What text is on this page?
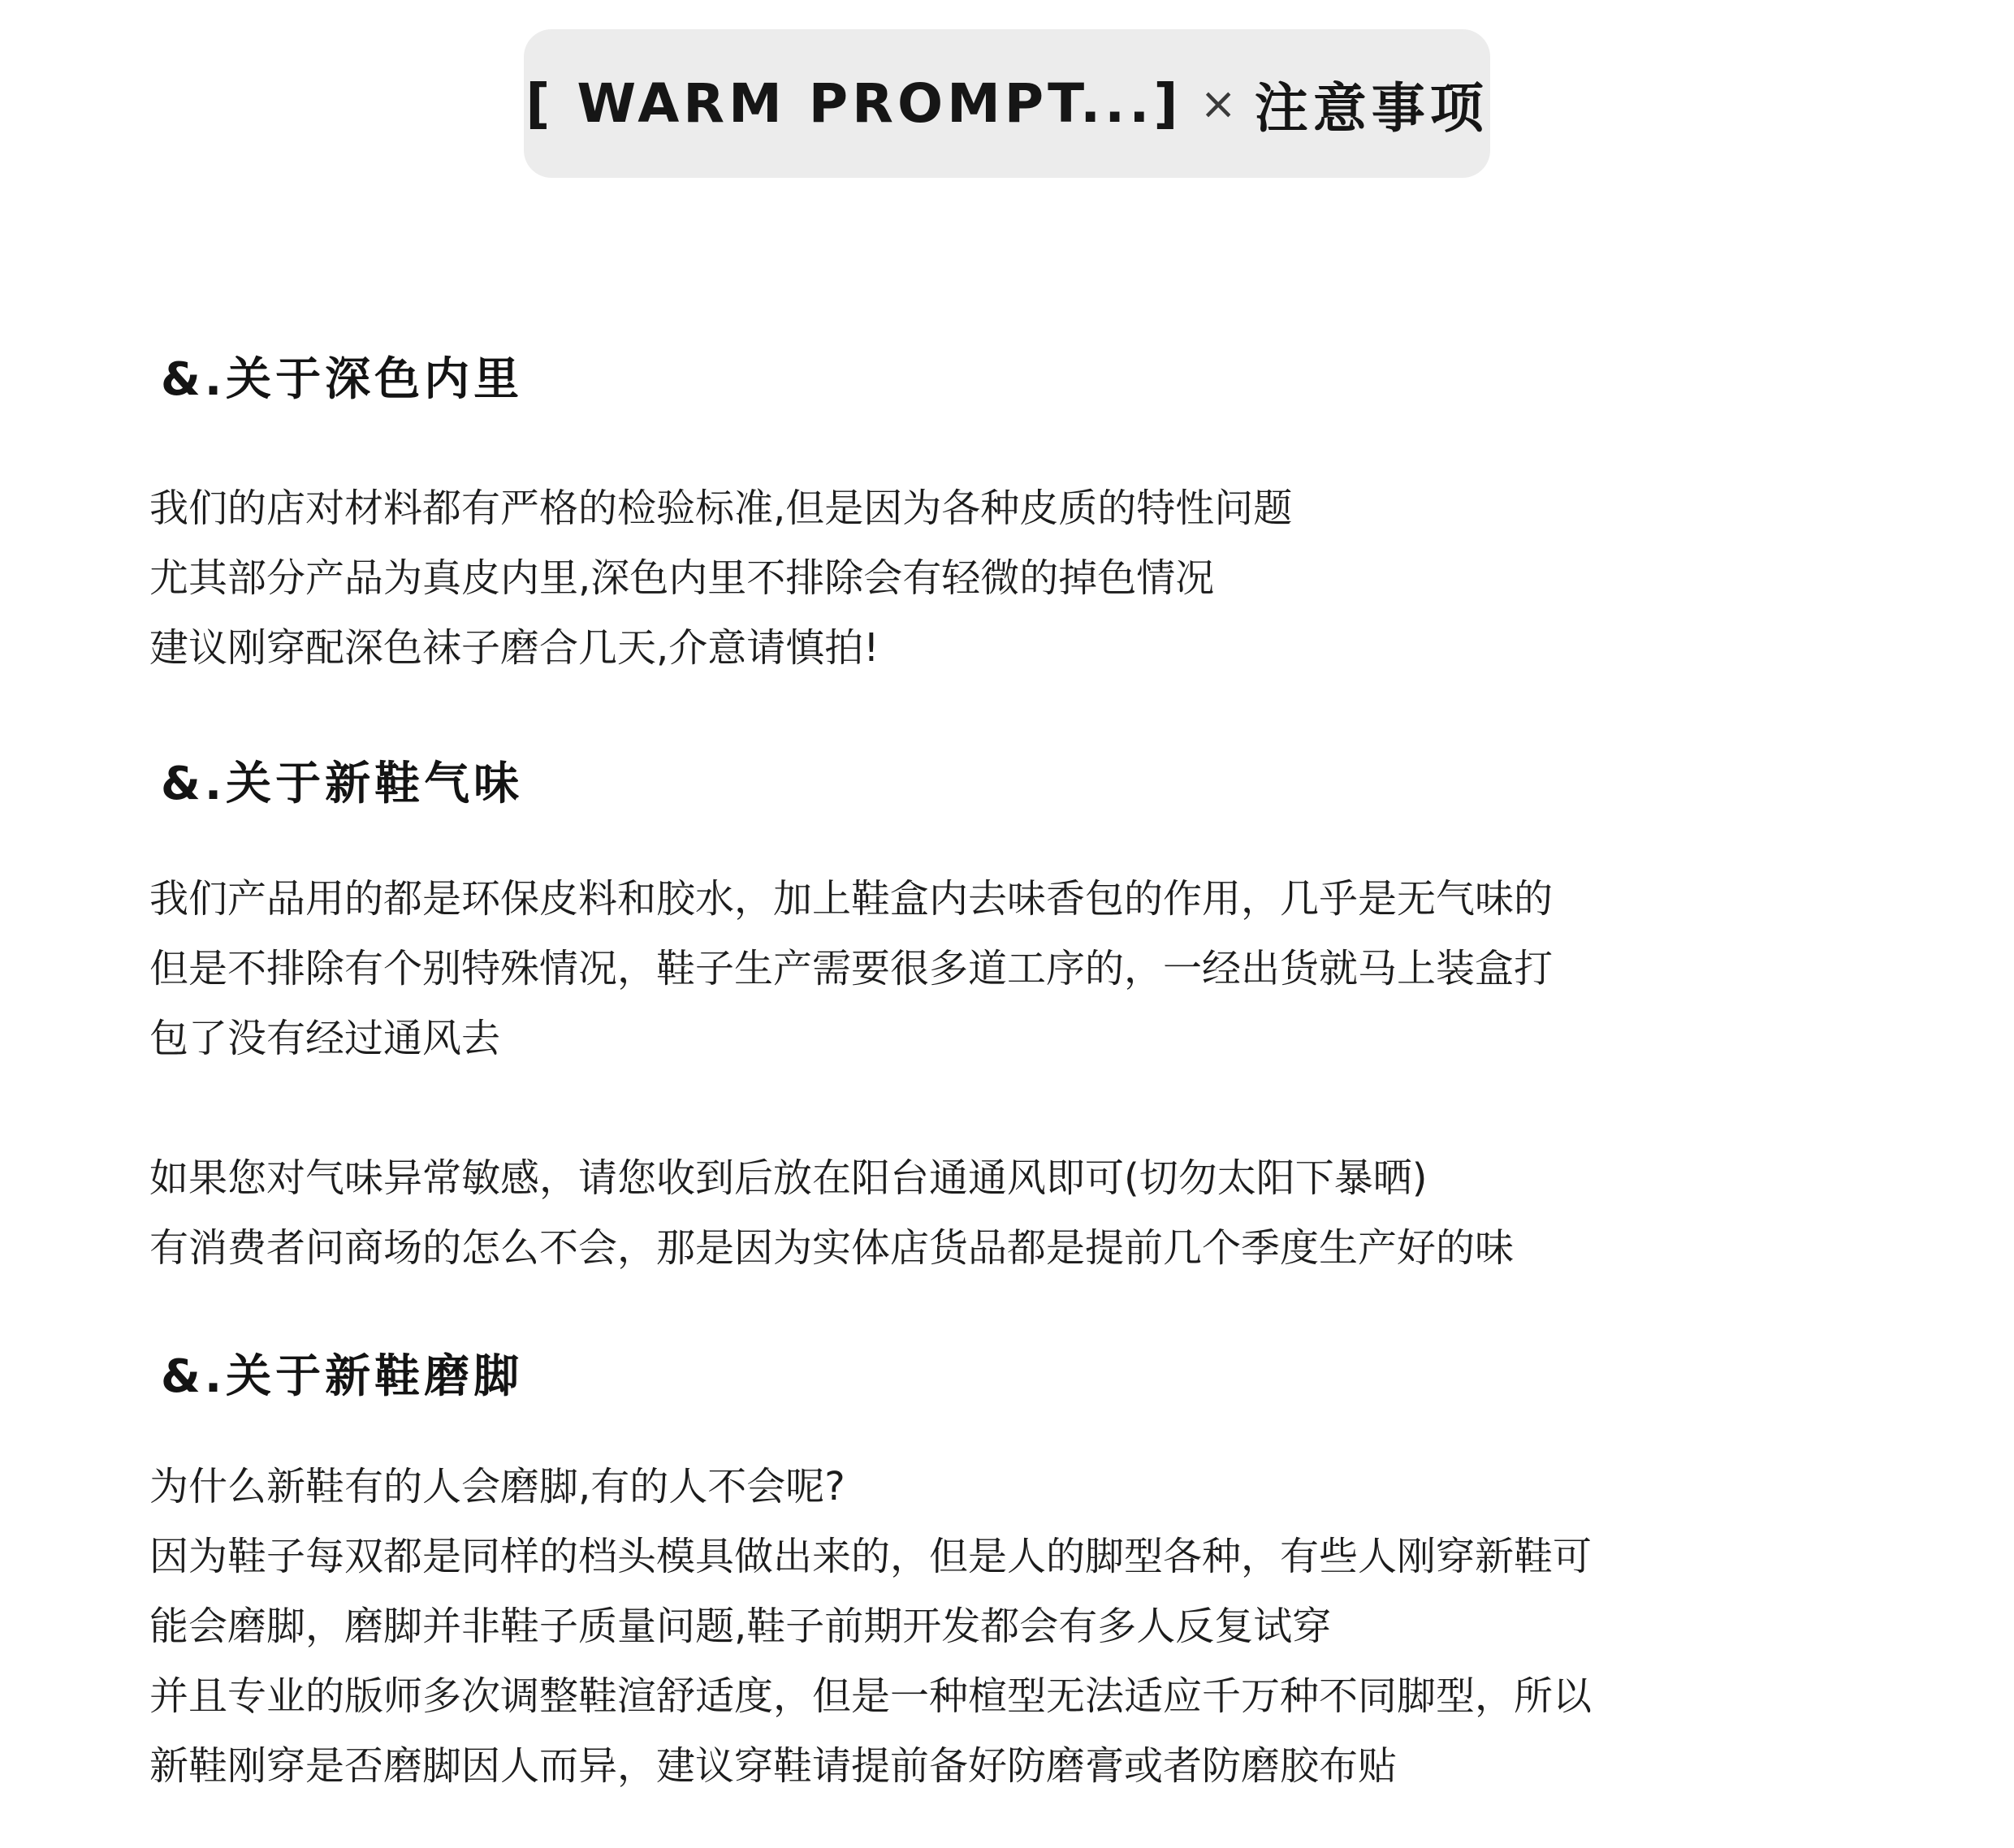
[ WARM PROMPT...] × 注意事项
&.关于深色内里
我们的店对材料都有严格的检验标准,但是因为各种皮质的特性问题
尤其部分产品为真皮内里,深色内里不排除会有轻微的掉色情况
建议刚穿配深色袜子磨合几天,介意请慎拍!
&.关于新鞋气味
我们产品用的都是环保皮料和胶水，加上鞋盒内去味香包的作用，几乎是无气味的
但是不排除有个别特殊情况，鞋子生产需要很多道工序的，一经出货就马上装盒打
包了没有经过通风去
如果您对气味异常敏感，请您收到后放在阳台通通风即可(切勿太阳下暴晒)
有消费者问商场的怎么不会，那是因为实体店货品都是提前几个季度生产好的味
&.关于新鞋磨脚
为什么新鞋有的人会磨脚,有的人不会呢?
因为鞋子每双都是同样的档头模具做出来的，但是人的脚型各种，有些人刚穿新鞋可
能会磨脚，磨脚并非鞋子质量问题,鞋子前期开发都会有多人反复试穿
并且专业的版师多次调整鞋渲舒适度，但是一种楦型无法适应千万种不同脚型，所以
新鞋刚穿是否磨脚因人而异，建议穿鞋请提前备好防磨膏或者防磨胶布贴
